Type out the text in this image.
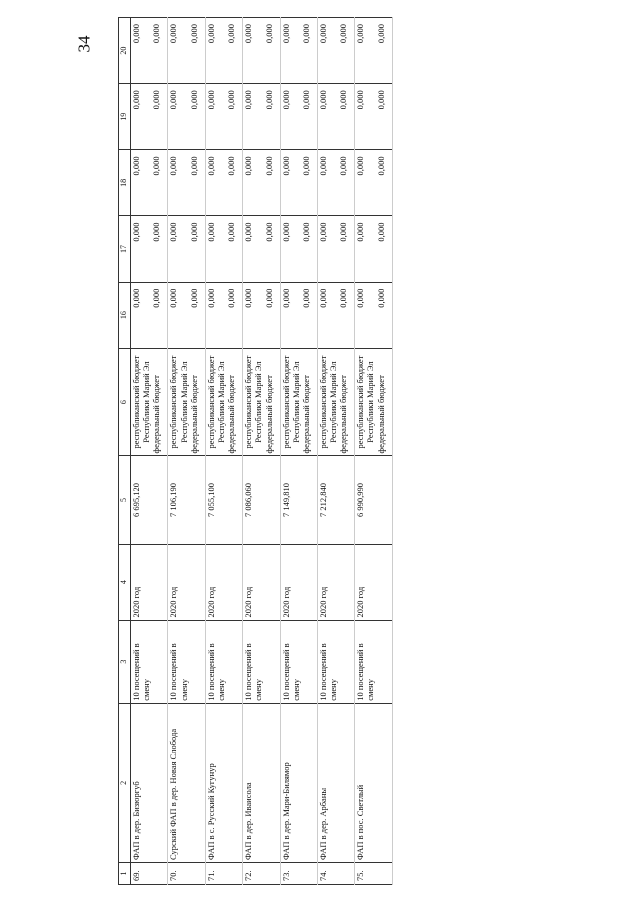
34
1	2	3	4	5	6	16	17	18	19	20
69.	ФАП в дер. Бизюргуб	10 посещений в смену	2020 год	6 695,120	республиканский бюджет Республики Марий Эл	0,000	0,000	0,000	0,000	0,000
					федеральный бюджет	0,000	0,000	0,000	0,000	0,000
70.	Сурский ФАП в дер. Новая Слобода	10 посещений в смену	2020 год	7 106,190	республиканский бюджет Республики Марий Эл	0,000	0,000	0,000	0,000	0,000
					федеральный бюджет	0,000	0,000	0,000	0,000	0,000
71.	ФАП в с. Русский Кугунур	10 посещений в смену	2020 год	7 055,100	республиканский бюджет Республики Марий Эл	0,000	0,000	0,000	0,000	0,000
					федеральный бюджет	0,000	0,000	0,000	0,000	0,000
72.	ФАП в дер. Иваисола	10 посещений в смену	2020 год	7 086,060	республиканский бюджет Республики Марий Эл	0,000	0,000	0,000	0,000	0,000
					федеральный бюджет	0,000	0,000	0,000	0,000	0,000
73.	ФАП в дер. Мари-Билямор	10 посещений в смену	2020 год	7 149,810	республиканский бюджет Республики Марий Эл	0,000	0,000	0,000	0,000	0,000
					федеральный бюджет	0,000	0,000	0,000	0,000	0,000
74.	ФАП в дер. Арбаны	10 посещений в смену	2020 год	7 212,840	республиканский бюджет Республики Марий Эл	0,000	0,000	0,000	0,000	0,000
					федеральный бюджет	0,000	0,000	0,000	0,000	0,000
75.	ФАП в пос. Светлый	10 посещений в смену	2020 год	6 990,990	республиканский бюджет Республики Марий Эл	0,000	0,000	0,000	0,000	0,000
					федеральный бюджет	0,000	0,000	0,000	0,000	0,000
